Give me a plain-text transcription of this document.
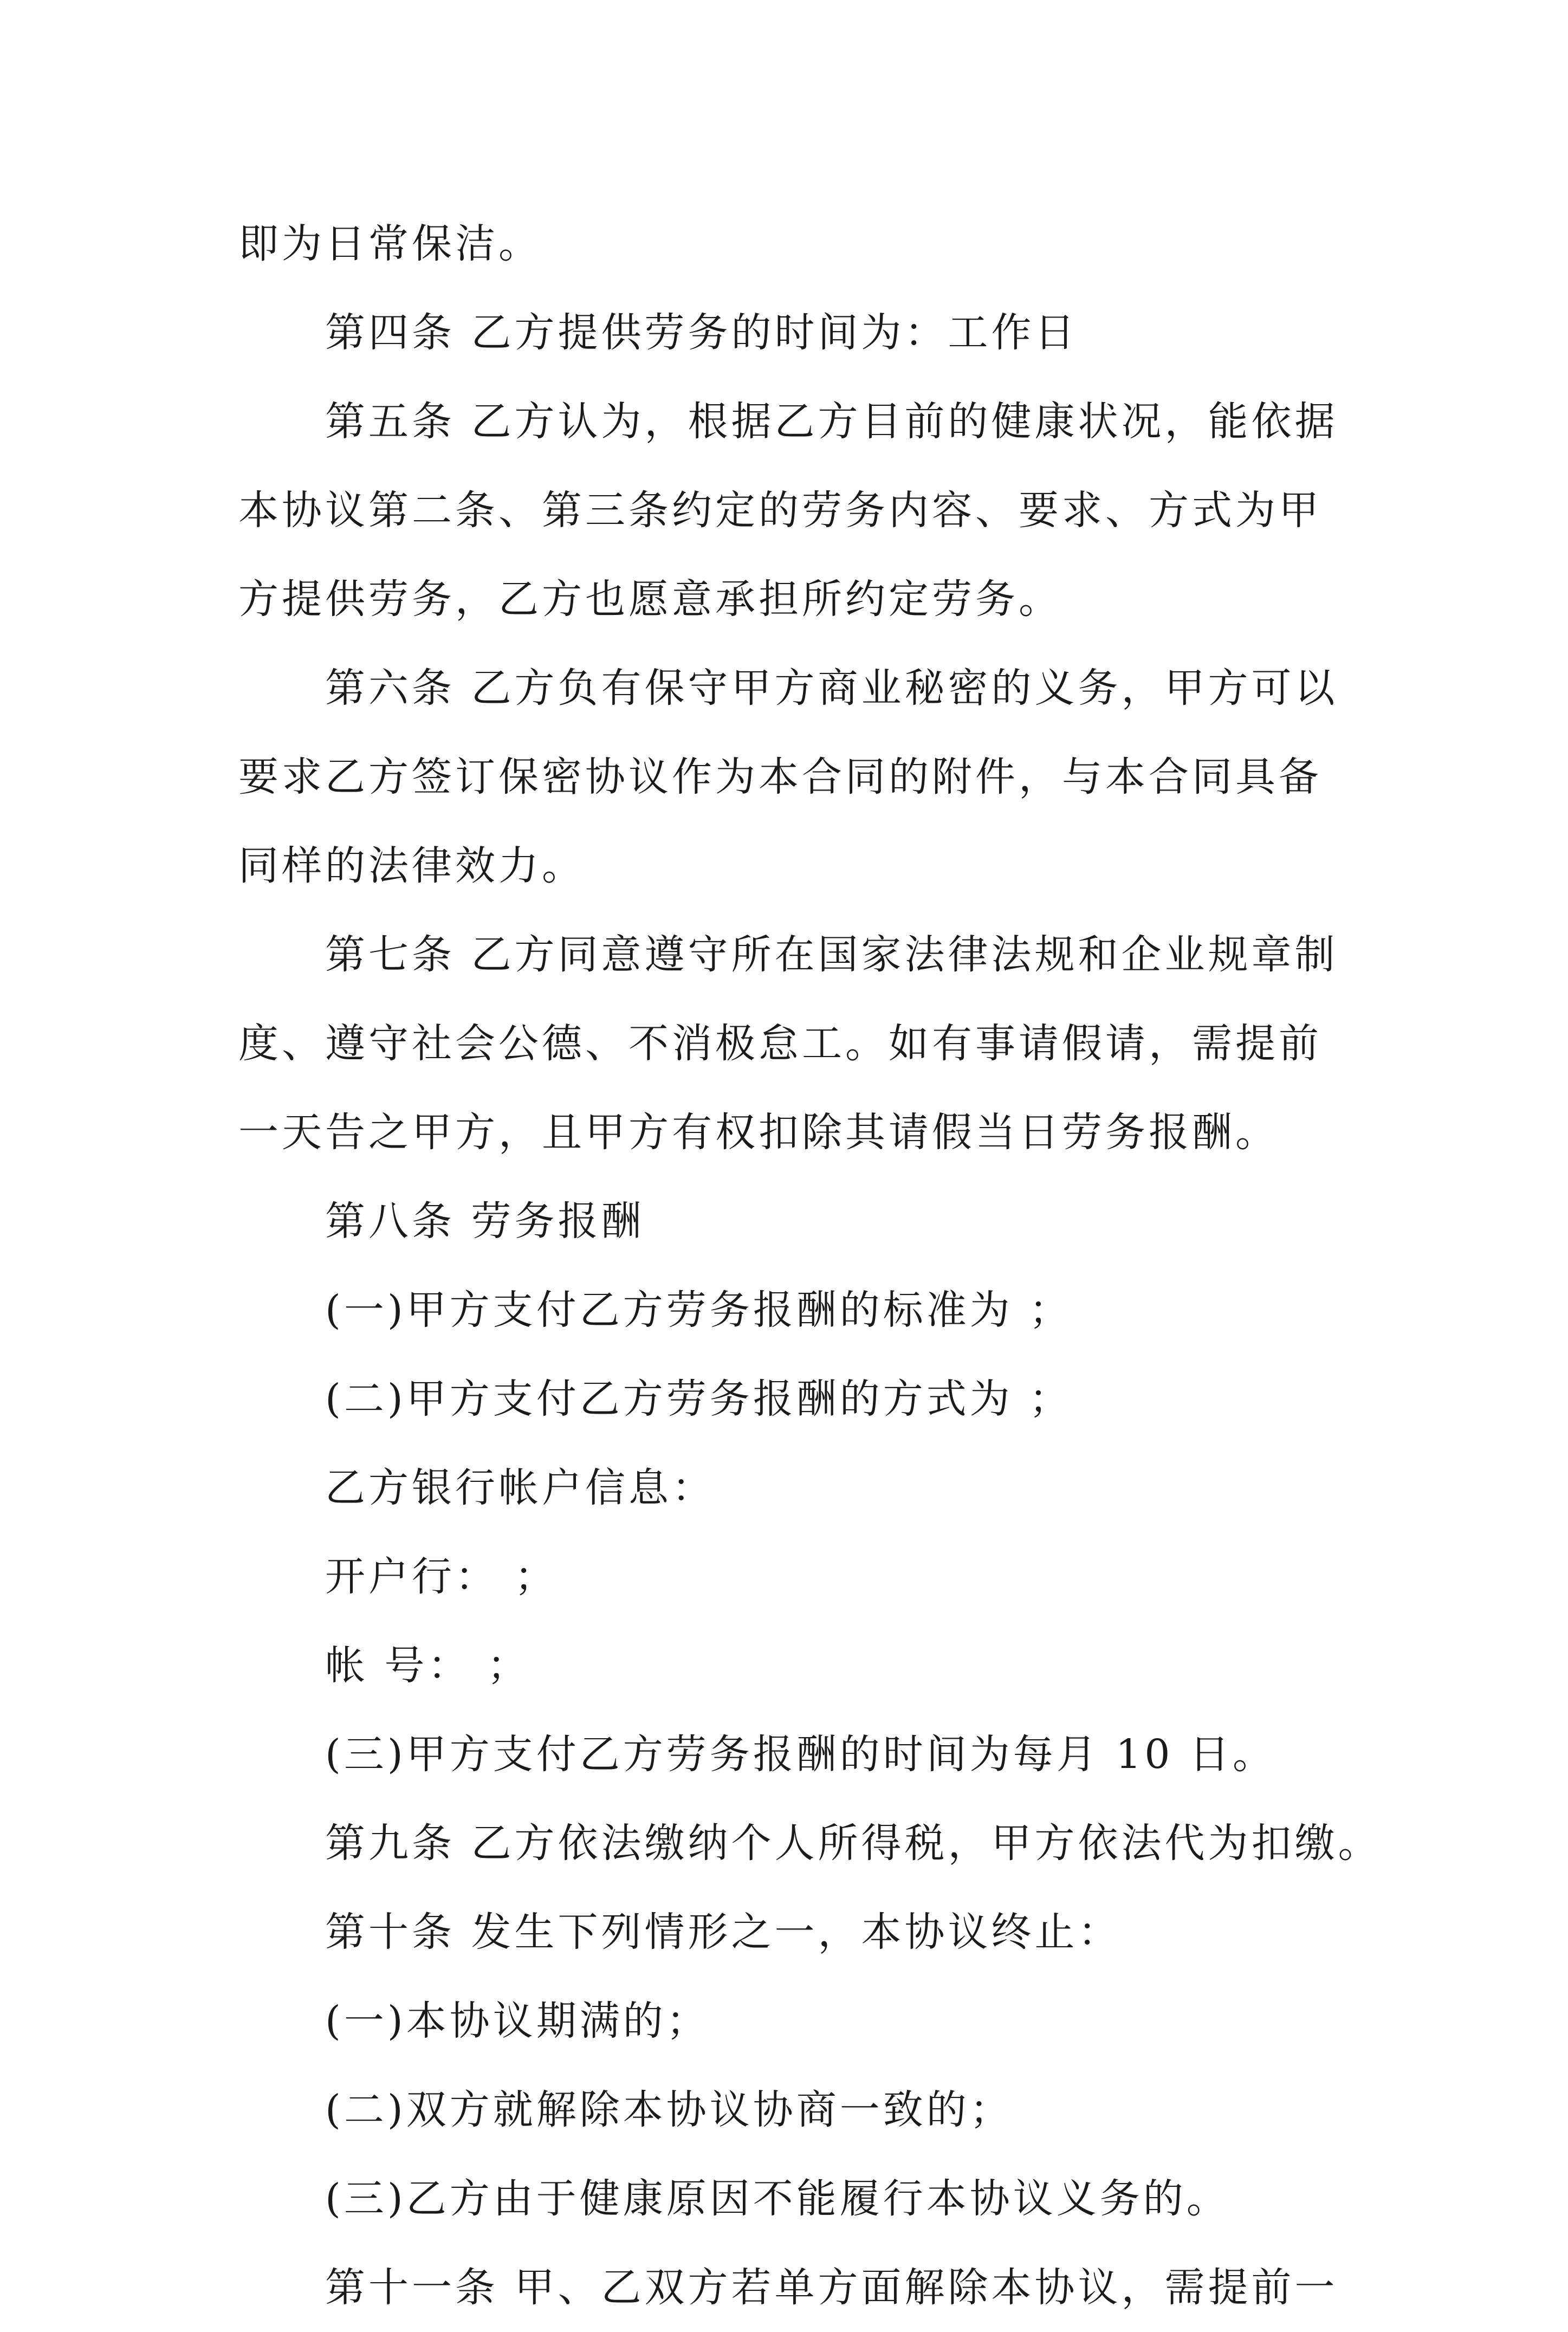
即为日常保洁。

第四条 乙方提供劳务的时间为：工作日

第五条 乙方认为，根据乙方目前的健康状况，能依据本协议第二条、第三条约定的劳务内容、要求、方式为甲方提供劳务，乙方也愿意承担所约定劳务。

第六条 乙方负有保守甲方商业秘密的义务，甲方可以要求乙方签订保密协议作为本合同的附件，与本合同具备同样的法律效力。

第七条 乙方同意遵守所在国家法律法规和企业规章制度、遵守社会公德、不消极怠工。如有事请假请，需提前一天告之甲方，且甲方有权扣除其请假当日劳务报酬。

第八条 劳务报酬

(一)甲方支付乙方劳务报酬的标准为 ；

(二)甲方支付乙方劳务报酬的方式为 ；

乙方银行帐户信息：

开户行： ；

帐 号： ；

(三)甲方支付乙方劳务报酬的时间为每月 10 日。

第九条 乙方依法缴纳个人所得税，甲方依法代为扣缴。

第十条 发生下列情形之一，本协议终止：

(一)本协议期满的；

(二)双方就解除本协议协商一致的；

(三)乙方由于健康原因不能履行本协议义务的。

第十一条 甲、乙双方若单方面解除本协议，需提前一
